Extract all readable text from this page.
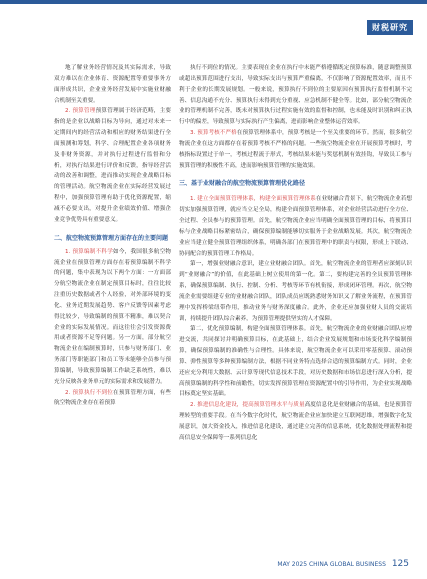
财税研究

地了解业务经营情况及其实际需求，导致双方难以在企业体育、资源配置等重要事务方面形成共识，企业业务经营发展中实施业财融合机制至关重要。

2. 预算管理预算管理属于经济范畴，主要指的是企业以战略目标为导向，通过对未来一定期间内的经营活动和相应的财务结果进行全面预测和筹划，科学、合理配置企业各项财务及非财务资源，并对执行过程进行监督和分析，对执行结果进行评价和反馈，指导经营活动的改善和调整，进而推动实现企业战略目标的管理活动。航空物流企业在实际经营发展过程中，加强预算管理有助于优化资源配置，缩减不必要支出，对提升企业绩效价值、增强企业竞争优势具有重要意义。

二、航空物流预算管理方面存在的主要问题

1. 预算编制不科学如今，我国很多航空物流企业在预算管理方面存在着预算编制不科学的问题，集中表现为以下两个方面：一方面部分航空物流企业在制定预算目标时，往往比较注重历史数据或者个人经验，对外部环境的变化、业务近期发展趋势、客户反馈等因素考虑得比较少，导致编制的预算不精准，难以契合企业的实际发展情况。而这往往会引发资源费用或者资源不足等问题。另一方面，部分航空物流企业在编制预算时，只参与财务部门、业务部门等职能部门和员工等未能够全员参与预算编制，导致预算编制工作缺乏系统性，难以充分反映各业务单元的实际需求和发展潜力。

2. 预算执行不到位在预算管理方面，有些航空物流企业存在着预算

执行不到位的情况。主要表现在企业在执行中未能严格遵循既定预算标准，随意调整预算或超出预算范围进行支出，导致实际支出与预算严重偏离，不仅影响了资源配置效率，而且不利于企业的长期发展规划。一般来说，预算执行不到位的主要原因有预算执行监督机制不完善、信息沟通不充分、预算执行未得到充分重视、应急机制不健全等。比如，部分航空物流企业的管理机制不完善，既未对预算执行过程实施有效的监督和控制，也未能及时识别和纠正执行中的偏差，导致预算与实际执行产生偏离，进而影响企业整体运营效率。

3. 预算考核不严格在预算管理体系中，预算考核是一个至关重要的环节。然而，很多航空物流企业在这方面都存在着预算考核不严格的问题。一些航空物流企业在开展预算考核时，考核指标设置过于单一，考核过程流于形式，考核结果未能与奖惩机制有效挂钩，导致员工参与预算管理的积极性不高，进而影响预算管理的实施效果。

三、基于业财融合的航空物流预算管理优化路径

1. 建立全面预算管理体系，构建全面预算管理体系在业财融合背景下，航空物流企业若想切实加强预算管理，就应当立足全局，构建全面预算管理体系，对企业经营活动进行全方位、全过程、全员参与的预算管理。首先，航空物流企业应当明确全面预算管理的目标，将预算目标与企业战略目标紧密结合，确保预算编制能够切实服务于企业战略发展。其次，航空物流企业应当建立健全预算管理组织体系，明确各部门在预算管理中的职责与权限，形成上下联动、协同配合的预算管理工作格局。

第一，增强业财融合意识，建立业财融合团队。首先，航空物流企业的管理者应深刻认识到“业财融合”的价值，在此基础上树立使用的第一化。第二，要构建完善的全员预算管理体系，确保预算编制、执行、控制、分析、考核等环节有机衔接，形成闭环管理。再次，航空物流企业需要组建专业的业财融合团队，团队成员应既熟悉财务知识又了解业务流程，在预算管理中发挥桥梁纽带作用，推动业务与财务深度融合。此外，企业还应加强业财人员的交流培训，持续提升团队综合素养，为预算管理提供坚实的人才保障。

第二，优化预算编制，构建全面预算管理体系。首先，航空物流企业的业财融合团队应增进交流，共同探讨并明确预算目标，在此基础上，结合企业发展规划和市场变化科学编制预算，确保预算编制的准确性与合理性。具体来说，航空物流企业可以采用零基预算、滚动预算、弹性预算等多种预算编制方法，根据不同业务特点选择合适的预算编制方式。同时，企业还应充分利用大数据、云计算等现代信息技术手段，对历史数据和市场信息进行深入分析，提高预算编制的科学性和前瞻性，切实发挥预算管理在资源配置中的引导作用，为企业实现战略目标奠定坚实基础。

2. 推进信息化建设，提高预算管理水平与质量高度信息化是业财融合的基础，也是预算管理转型的重要手段。在当今数字化时代，航空物流企业应加快建立互联网思维，增强数字化发展意识，加大资金投入，推进信息化建设，通过建立完善的信息系统，优化数据处理流程和提高信息安全保障等一系列信息化

MAY 2025 CHINA GLOBAL BUSINESS 125
